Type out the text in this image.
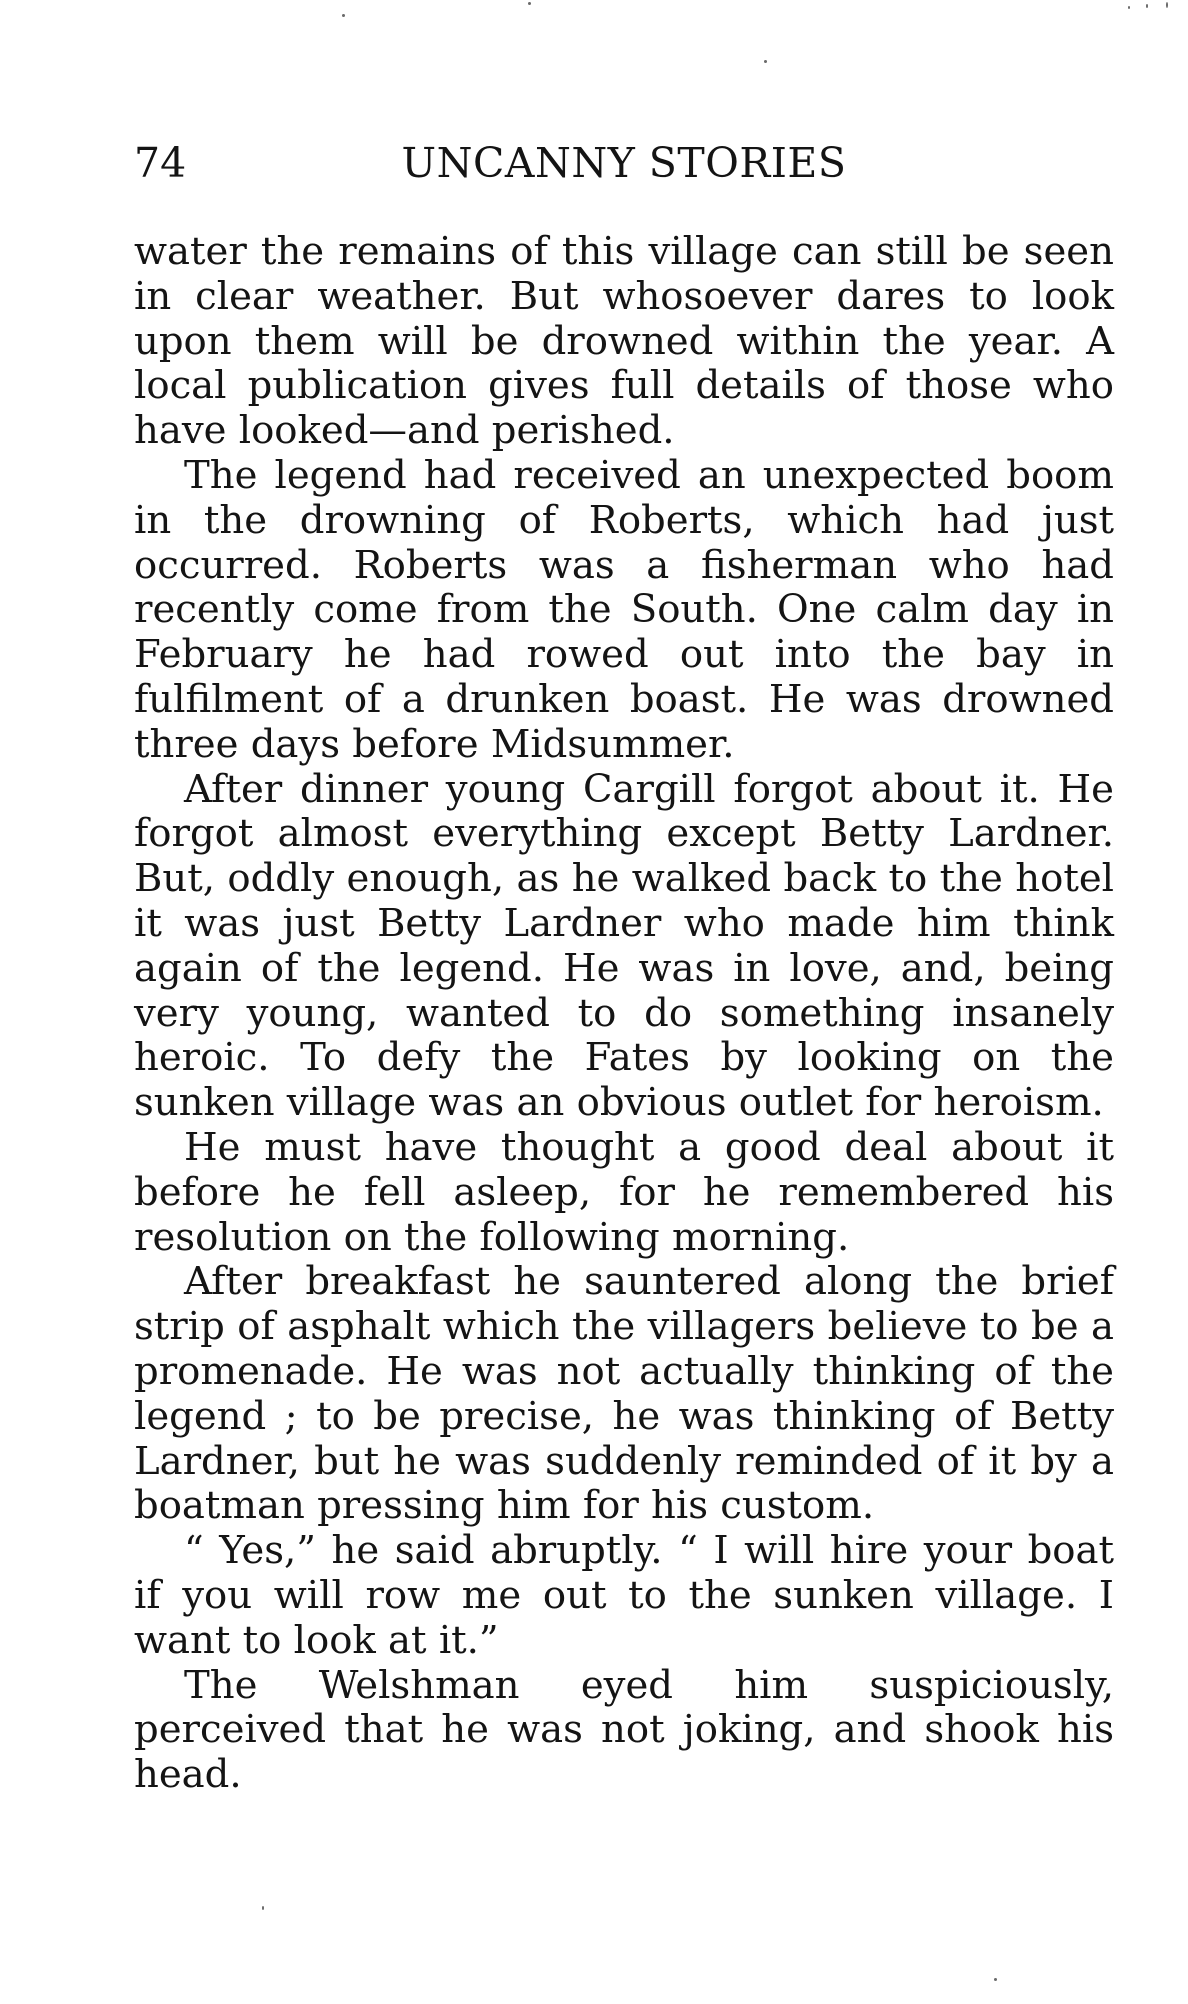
74	UNCANNY STORIES

water the remains of this village can still be seen in clear weather. But whosoever dares to look upon them will be drowned within the year. A local publication gives full details of those who have looked—and perished.

The legend had received an unexpected boom in the drowning of Roberts, which had just occurred. Roberts was a fisherman who had recently come from the South. One calm day in February he had rowed out into the bay in fulfilment of a drunken boast. He was drowned three days before Midsummer.

After dinner young Cargill forgot about it. He forgot almost everything except Betty Lardner. But, oddly enough, as he walked back to the hotel it was just Betty Lardner who made him think again of the legend. He was in love, and, being very young, wanted to do something insanely heroic. To defy the Fates by looking on the sunken village was an obvious outlet for heroism.

He must have thought a good deal about it before he fell asleep, for he remembered his resolution on the following morning.

After breakfast he sauntered along the brief strip of asphalt which the villagers believe to be a promenade. He was not actually thinking of the legend ; to be precise, he was thinking of Betty Lardner, but he was suddenly reminded of it by a boatman pressing him for his custom.

“ Yes,” he said abruptly. “ I will hire your boat if you will row me out to the sunken village. I want to look at it.”

The Welshman eyed him suspiciously, perceived that he was not joking, and shook his head.
